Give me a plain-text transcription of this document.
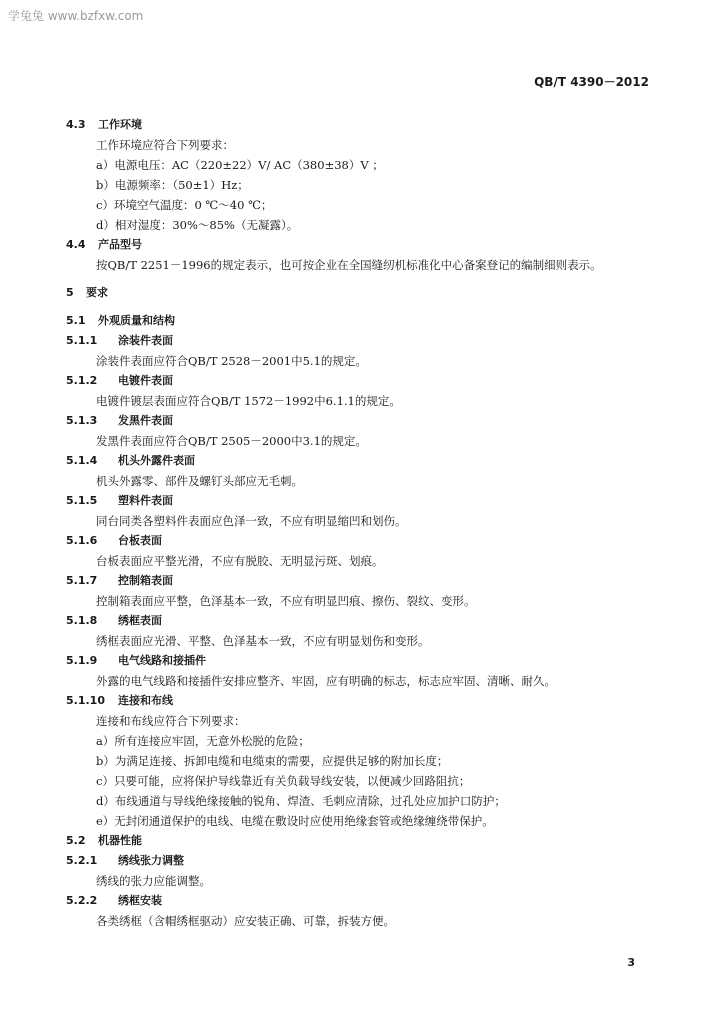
学兔兔 www.bzfxw.com
QB/T 4390－2012
4.3 工作环境
工作环境应符合下列要求：
a）电源电压：AC（220±22）V/ AC（380±38）V ；
b）电源频率：（50±1）Hz；
c）环境空气温度：0 ℃～40 ℃；
d）相对湿度：30%～85%（无凝露）。
4.4 产品型号
按QB/T 2251－1996的规定表示，也可按企业在全国缝纫机标准化中心备案登记的编制细则表示。
5 要求
5.1 外观质量和结构
5.1.1 涂装件表面
涂装件表面应符合QB/T 2528－2001中5.1的规定。
5.1.2 电镀件表面
电镀件镀层表面应符合QB/T 1572－1992中6.1.1的规定。
5.1.3 发黑件表面
发黑件表面应符合QB/T 2505－2000中3.1的规定。
5.1.4 机头外露件表面
机头外露零、部件及螺钉头部应无毛刺。
5.1.5 塑料件表面
同台同类各塑料件表面应色泽一致，不应有明显缩凹和划伤。
5.1.6 台板表面
台板表面应平整光滑，不应有脱胶、无明显污斑、划痕。
5.1.7 控制箱表面
控制箱表面应平整，色泽基本一致，不应有明显凹痕、擦伤、裂纹、变形。
5.1.8 绣框表面
绣框表面应光滑、平整、色泽基本一致，不应有明显划伤和变形。
5.1.9 电气线路和接插件
外露的电气线路和接插件安排应整齐、牢固，应有明确的标志，标志应牢固、清晰、耐久。
5.1.10 连接和布线
连接和布线应符合下列要求：
a）所有连接应牢固，无意外松脱的危险；
b）为满足连接、拆卸电缆和电缆束的需要，应提供足够的附加长度；
c）只要可能，应将保护导线靠近有关负载导线安装，以便减少回路阻抗；
d）布线通道与导线绝缘接触的锐角、焊渣、毛刺应清除，过孔处应加护口防护；
e）无封闭通道保护的电线、电缆在敷设时应使用绝缘套管或绝缘缠绕带保护。
5.2 机器性能
5.2.1 绣线张力调整
绣线的张力应能调整。
5.2.2 绣框安装
各类绣框（含帽绣框驱动）应安装正确、可靠，拆装方便。
3
